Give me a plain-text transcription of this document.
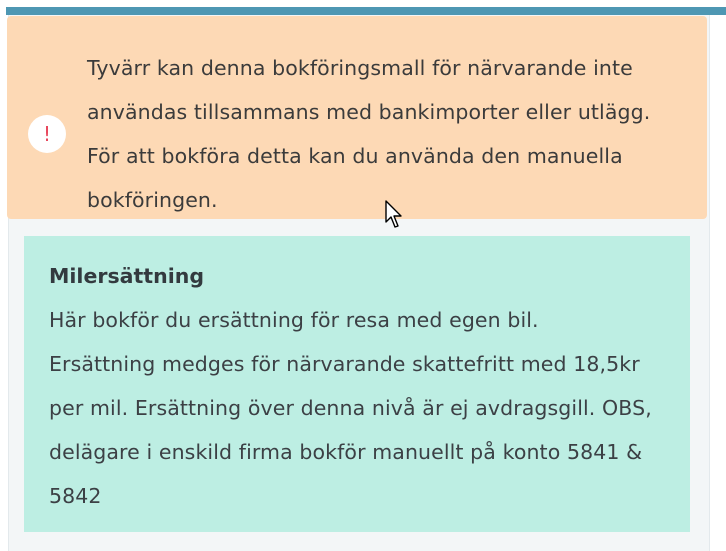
!
Tyvärr kan denna bokföringsmall för närvarande inte
användas tillsammans med bankimporter eller utlägg.
För att bokföra detta kan du använda den manuella
bokföringen.
Milersättning
Här bokför du ersättning för resa med egen bil.
Ersättning medges för närvarande skattefritt med 18,5kr
per mil. Ersättning över denna nivå är ej avdragsgill. OBS,
delägare i enskild firma bokför manuellt på konto 5841 &
5842
